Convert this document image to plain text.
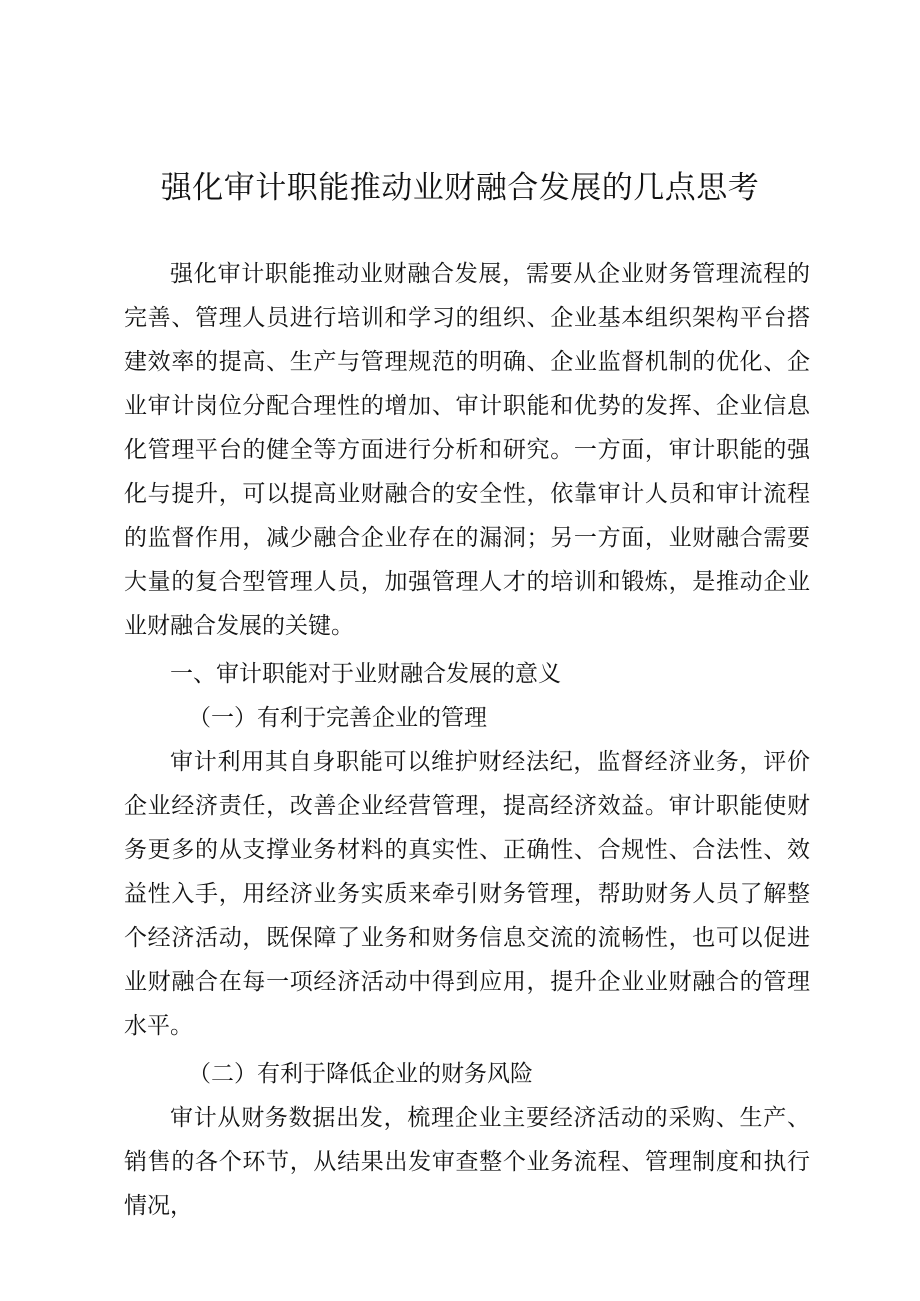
强化审计职能推动业财融合发展的几点思考

强化审计职能推动业财融合发展，需要从企业财务管理流程的完善、管理人员进行培训和学习的组织、企业基本组织架构平台搭建效率的提高、生产与管理规范的明确、企业监督机制的优化、企业审计岗位分配合理性的增加、审计职能和优势的发挥、企业信息化管理平台的健全等方面进行分析和研究。一方面，审计职能的强化与提升，可以提高业财融合的安全性，依靠审计人员和审计流程的监督作用，减少融合企业存在的漏洞；另一方面，业财融合需要大量的复合型管理人员，加强管理人才的培训和锻炼，是推动企业业财融合发展的关键。

一、审计职能对于业财融合发展的意义
（一）有利于完善企业的管理

审计利用其自身职能可以维护财经法纪，监督经济业务，评价企业经济责任，改善企业经营管理，提高经济效益。审计职能使财务更多的从支撑业务材料的真实性、正确性、合规性、合法性、效益性入手，用经济业务实质来牵引财务管理，帮助财务人员了解整个经济活动，既保障了业务和财务信息交流的流畅性，也可以促进业财融合在每一项经济活动中得到应用，提升企业业财融合的管理水平。

（二）有利于降低企业的财务风险

审计从财务数据出发，梳理企业主要经济活动的采购、生产、销售的各个环节，从结果出发审查整个业务流程、管理制度和执行情况，
